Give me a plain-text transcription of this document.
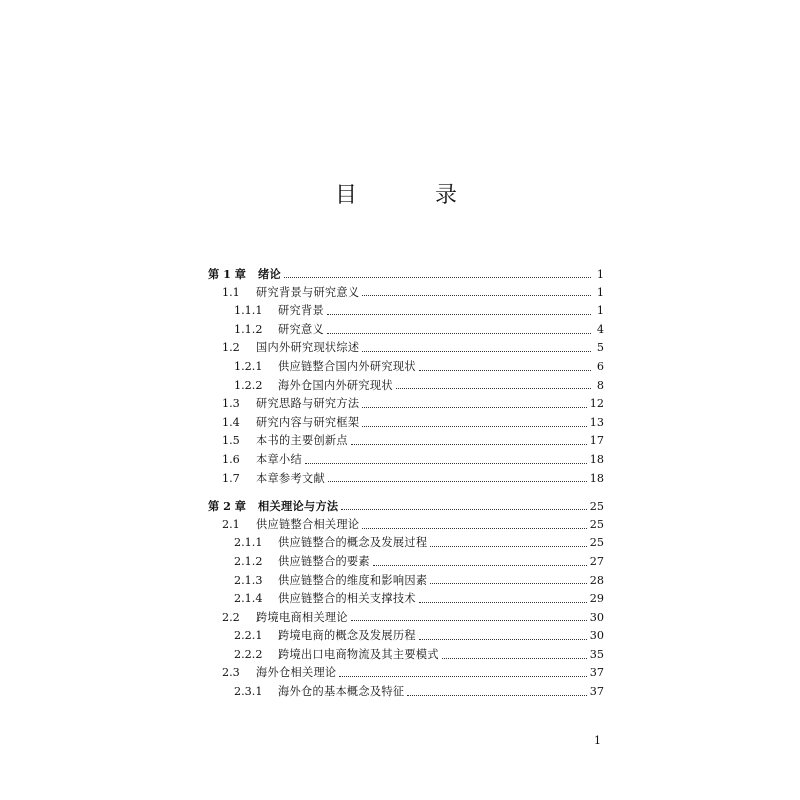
目　录
第 1 章	绪论	1
1.1	研究背景与研究意义	1
1.1.1	研究背景	1
1.1.2	研究意义	4
1.2	国内外研究现状综述	5
1.2.1	供应链整合国内外研究现状	6
1.2.2	海外仓国内外研究现状	8
1.3	研究思路与研究方法	12
1.4	研究内容与研究框架	13
1.5	本书的主要创新点	17
1.6	本章小结	18
1.7	本章参考文献	18
第 2 章	相关理论与方法	25
2.1	供应链整合相关理论	25
2.1.1	供应链整合的概念及发展过程	25
2.1.2	供应链整合的要素	27
2.1.3	供应链整合的维度和影响因素	28
2.1.4	供应链整合的相关支撑技术	29
2.2	跨境电商相关理论	30
2.2.1	跨境电商的概念及发展历程	30
2.2.2	跨境出口电商物流及其主要模式	35
2.3	海外仓相关理论	37
2.3.1	海外仓的基本概念及特征	37
1
